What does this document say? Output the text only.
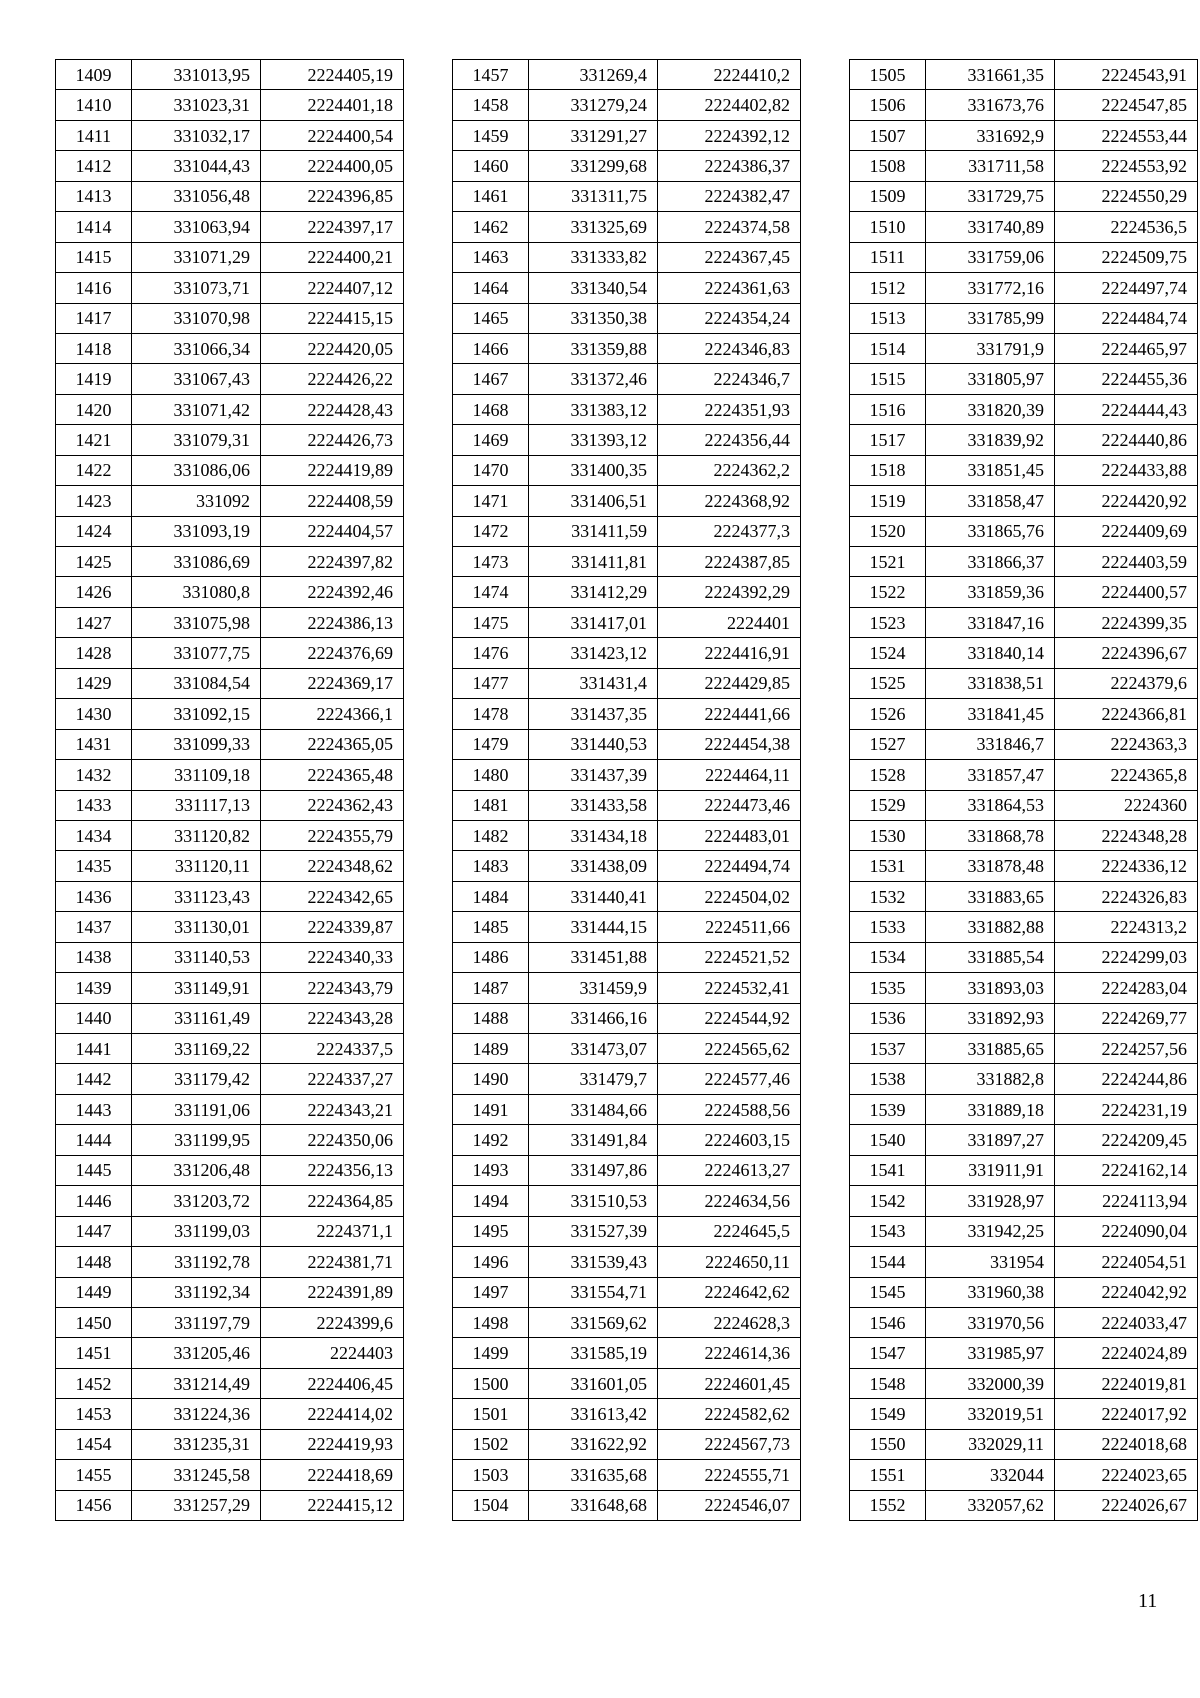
1409	331013,95	2224405,19
1410	331023,31	2224401,18
1411	331032,17	2224400,54
1412	331044,43	2224400,05
1413	331056,48	2224396,85
1414	331063,94	2224397,17
1415	331071,29	2224400,21
1416	331073,71	2224407,12
1417	331070,98	2224415,15
1418	331066,34	2224420,05
1419	331067,43	2224426,22
1420	331071,42	2224428,43
1421	331079,31	2224426,73
1422	331086,06	2224419,89
1423	331092	2224408,59
1424	331093,19	2224404,57
1425	331086,69	2224397,82
1426	331080,8	2224392,46
1427	331075,98	2224386,13
1428	331077,75	2224376,69
1429	331084,54	2224369,17
1430	331092,15	2224366,1
1431	331099,33	2224365,05
1432	331109,18	2224365,48
1433	331117,13	2224362,43
1434	331120,82	2224355,79
1435	331120,11	2224348,62
1436	331123,43	2224342,65
1437	331130,01	2224339,87
1438	331140,53	2224340,33
1439	331149,91	2224343,79
1440	331161,49	2224343,28
1441	331169,22	2224337,5
1442	331179,42	2224337,27
1443	331191,06	2224343,21
1444	331199,95	2224350,06
1445	331206,48	2224356,13
1446	331203,72	2224364,85
1447	331199,03	2224371,1
1448	331192,78	2224381,71
1449	331192,34	2224391,89
1450	331197,79	2224399,6
1451	331205,46	2224403
1452	331214,49	2224406,45
1453	331224,36	2224414,02
1454	331235,31	2224419,93
1455	331245,58	2224418,69
1456	331257,29	2224415,12
1457	331269,4	2224410,2
1458	331279,24	2224402,82
1459	331291,27	2224392,12
1460	331299,68	2224386,37
1461	331311,75	2224382,47
1462	331325,69	2224374,58
1463	331333,82	2224367,45
1464	331340,54	2224361,63
1465	331350,38	2224354,24
1466	331359,88	2224346,83
1467	331372,46	2224346,7
1468	331383,12	2224351,93
1469	331393,12	2224356,44
1470	331400,35	2224362,2
1471	331406,51	2224368,92
1472	331411,59	2224377,3
1473	331411,81	2224387,85
1474	331412,29	2224392,29
1475	331417,01	2224401
1476	331423,12	2224416,91
1477	331431,4	2224429,85
1478	331437,35	2224441,66
1479	331440,53	2224454,38
1480	331437,39	2224464,11
1481	331433,58	2224473,46
1482	331434,18	2224483,01
1483	331438,09	2224494,74
1484	331440,41	2224504,02
1485	331444,15	2224511,66
1486	331451,88	2224521,52
1487	331459,9	2224532,41
1488	331466,16	2224544,92
1489	331473,07	2224565,62
1490	331479,7	2224577,46
1491	331484,66	2224588,56
1492	331491,84	2224603,15
1493	331497,86	2224613,27
1494	331510,53	2224634,56
1495	331527,39	2224645,5
1496	331539,43	2224650,11
1497	331554,71	2224642,62
1498	331569,62	2224628,3
1499	331585,19	2224614,36
1500	331601,05	2224601,45
1501	331613,42	2224582,62
1502	331622,92	2224567,73
1503	331635,68	2224555,71
1504	331648,68	2224546,07
1505	331661,35	2224543,91
1506	331673,76	2224547,85
1507	331692,9	2224553,44
1508	331711,58	2224553,92
1509	331729,75	2224550,29
1510	331740,89	2224536,5
1511	331759,06	2224509,75
1512	331772,16	2224497,74
1513	331785,99	2224484,74
1514	331791,9	2224465,97
1515	331805,97	2224455,36
1516	331820,39	2224444,43
1517	331839,92	2224440,86
1518	331851,45	2224433,88
1519	331858,47	2224420,92
1520	331865,76	2224409,69
1521	331866,37	2224403,59
1522	331859,36	2224400,57
1523	331847,16	2224399,35
1524	331840,14	2224396,67
1525	331838,51	2224379,6
1526	331841,45	2224366,81
1527	331846,7	2224363,3
1528	331857,47	2224365,8
1529	331864,53	2224360
1530	331868,78	2224348,28
1531	331878,48	2224336,12
1532	331883,65	2224326,83
1533	331882,88	2224313,2
1534	331885,54	2224299,03
1535	331893,03	2224283,04
1536	331892,93	2224269,77
1537	331885,65	2224257,56
1538	331882,8	2224244,86
1539	331889,18	2224231,19
1540	331897,27	2224209,45
1541	331911,91	2224162,14
1542	331928,97	2224113,94
1543	331942,25	2224090,04
1544	331954	2224054,51
1545	331960,38	2224042,92
1546	331970,56	2224033,47
1547	331985,97	2224024,89
1548	332000,39	2224019,81
1549	332019,51	2224017,92
1550	332029,11	2224018,68
1551	332044	2224023,65
1552	332057,62	2224026,67
11
